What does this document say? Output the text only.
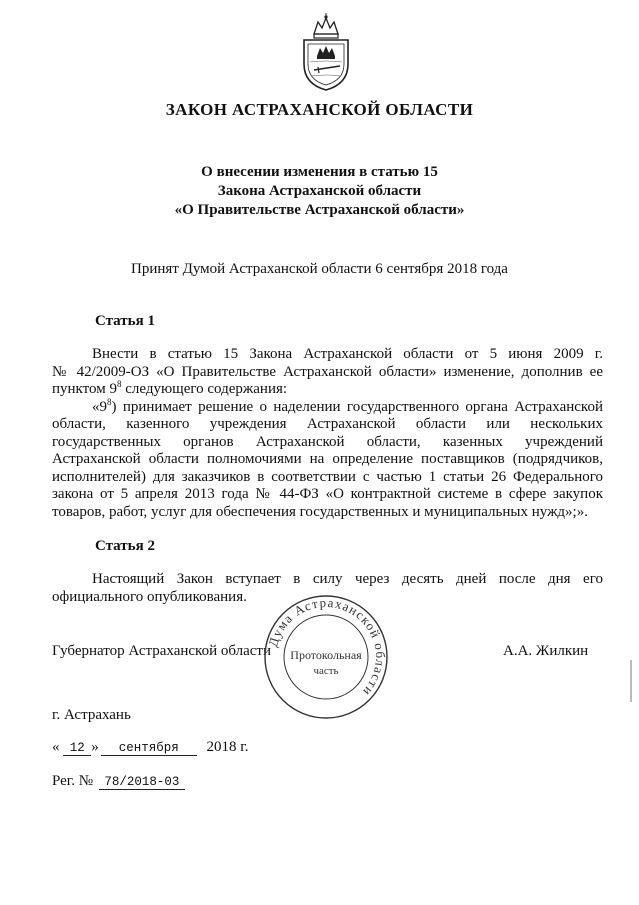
ЗАКОН АСТРАХАНСКОЙ ОБЛАСТИ
О внесении изменения в статью 15
Закона Астраханской области
«О Правительстве Астраханской области»
Принят Думой Астраханской области 6 сентября 2018 года
Статья 1
Внести в статью 15 Закона Астраханской области от 5 июня 2009 г.
№ 42/2009-ОЗ «О Правительстве Астраханской области» изменение, дополнив ее
пунктом $9^8$ следующего содержания:

«$9^8$) принимает решение о наделении государственного органа Астраханской области, казенного учреждения Астраханской области или нескольких государственных органов Астраханской области, казенных учреждений Астраханской области полномочиями на определение поставщиков (подрядчиков, исполнителей) для заказчиков в соответствии с частью 1 статьи 26 Федерального закона от 5 апреля 2013 года № 44-ФЗ «О контрактной системе в сфере закупок товаров, работ, услуг для обеспечения государственных и муниципальных нужд»;».

Статья 2

Настоящий Закон вступает в силу через десять дней после дня его официального опубликования.

Губернатор Астраханской области	А.А. Жилкин
Дума Астраханской области
Протокольная
часть
г. Астрахань
« 12 » сентября 2018 г.
Рег. № 78/2018-03
